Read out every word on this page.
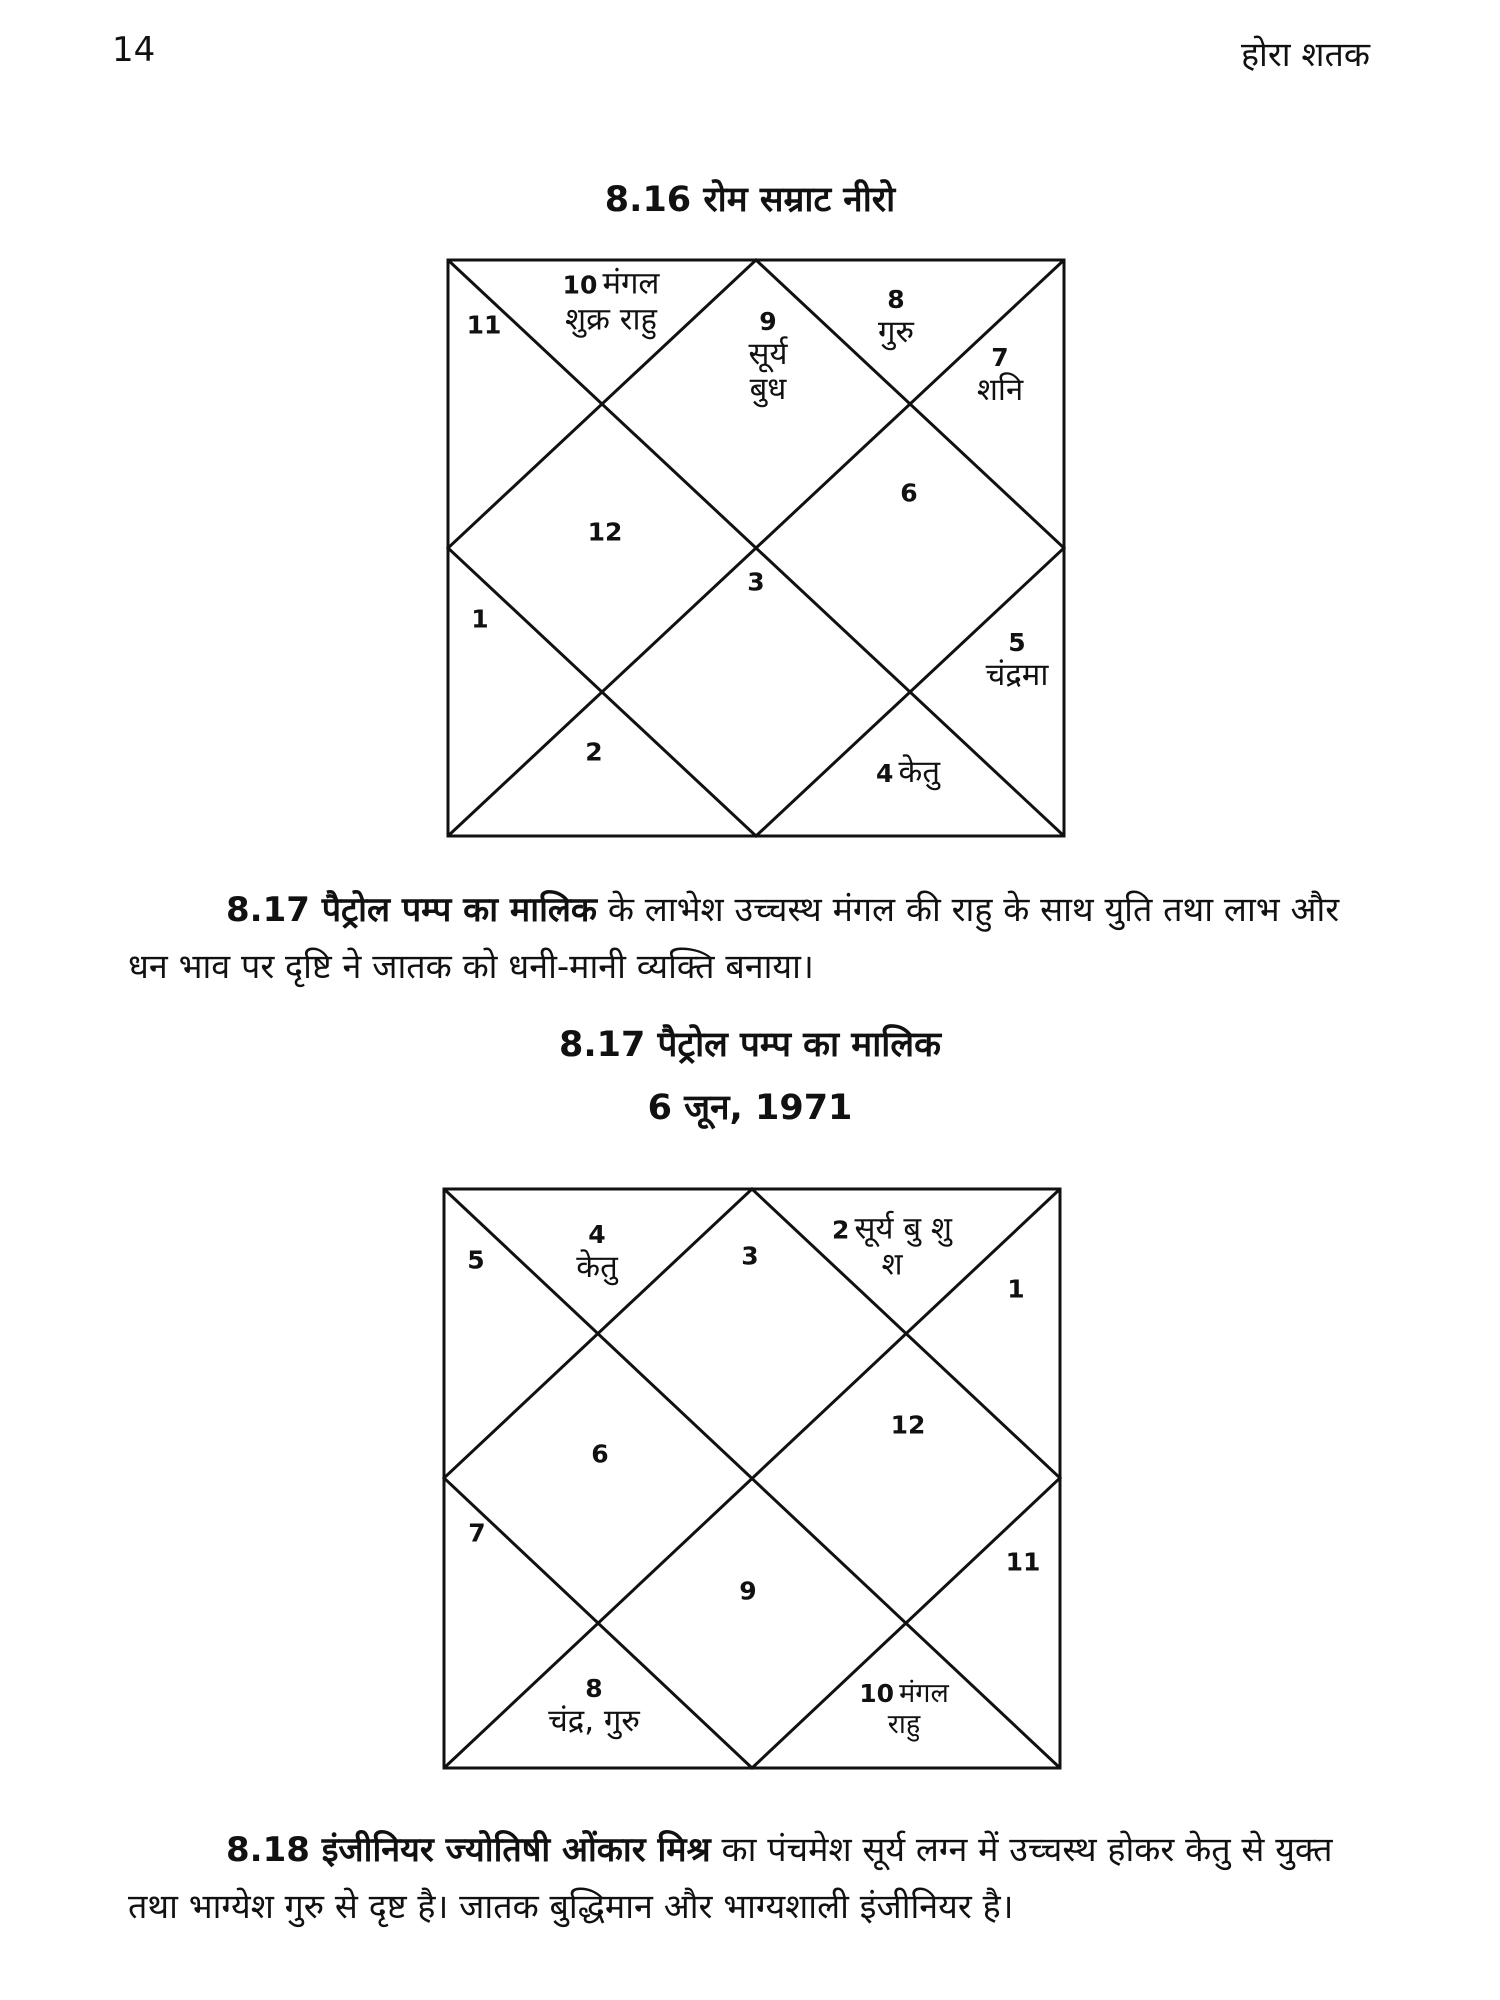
14	होरा शतक
8.16 रोम सम्राट नीरो
3
9
सूर्य
बुध
10 मंगल
शुक्र राहु
11
12
1
2
4 केतु
5
चंद्रमा
6
7
शनि
8
गुरु
8.17 पैट्रोल पम्प का मालिक के लाभेश उच्चस्थ मंगल की राहु के साथ युति तथा लाभ और धन भाव पर दृष्टि ने जातक को धनी-मानी व्यक्ति बनाया।
8.17 पैट्रोल पम्प का मालिक
6 जून, 1971
3
4
केतु
5
6
7
8
चंद्र, गुरु
9
10 मंगल
राहु
11
12
1
2 सूर्य बु शु
श
8.18 इंजीनियर ज्योतिषी ओंकार मिश्र का पंचमेश सूर्य लग्न में उच्चस्थ होकर केतु से युक्त तथा भाग्येश गुरु से दृष्ट है। जातक बुद्धिमान और भाग्यशाली इंजीनियर है।
